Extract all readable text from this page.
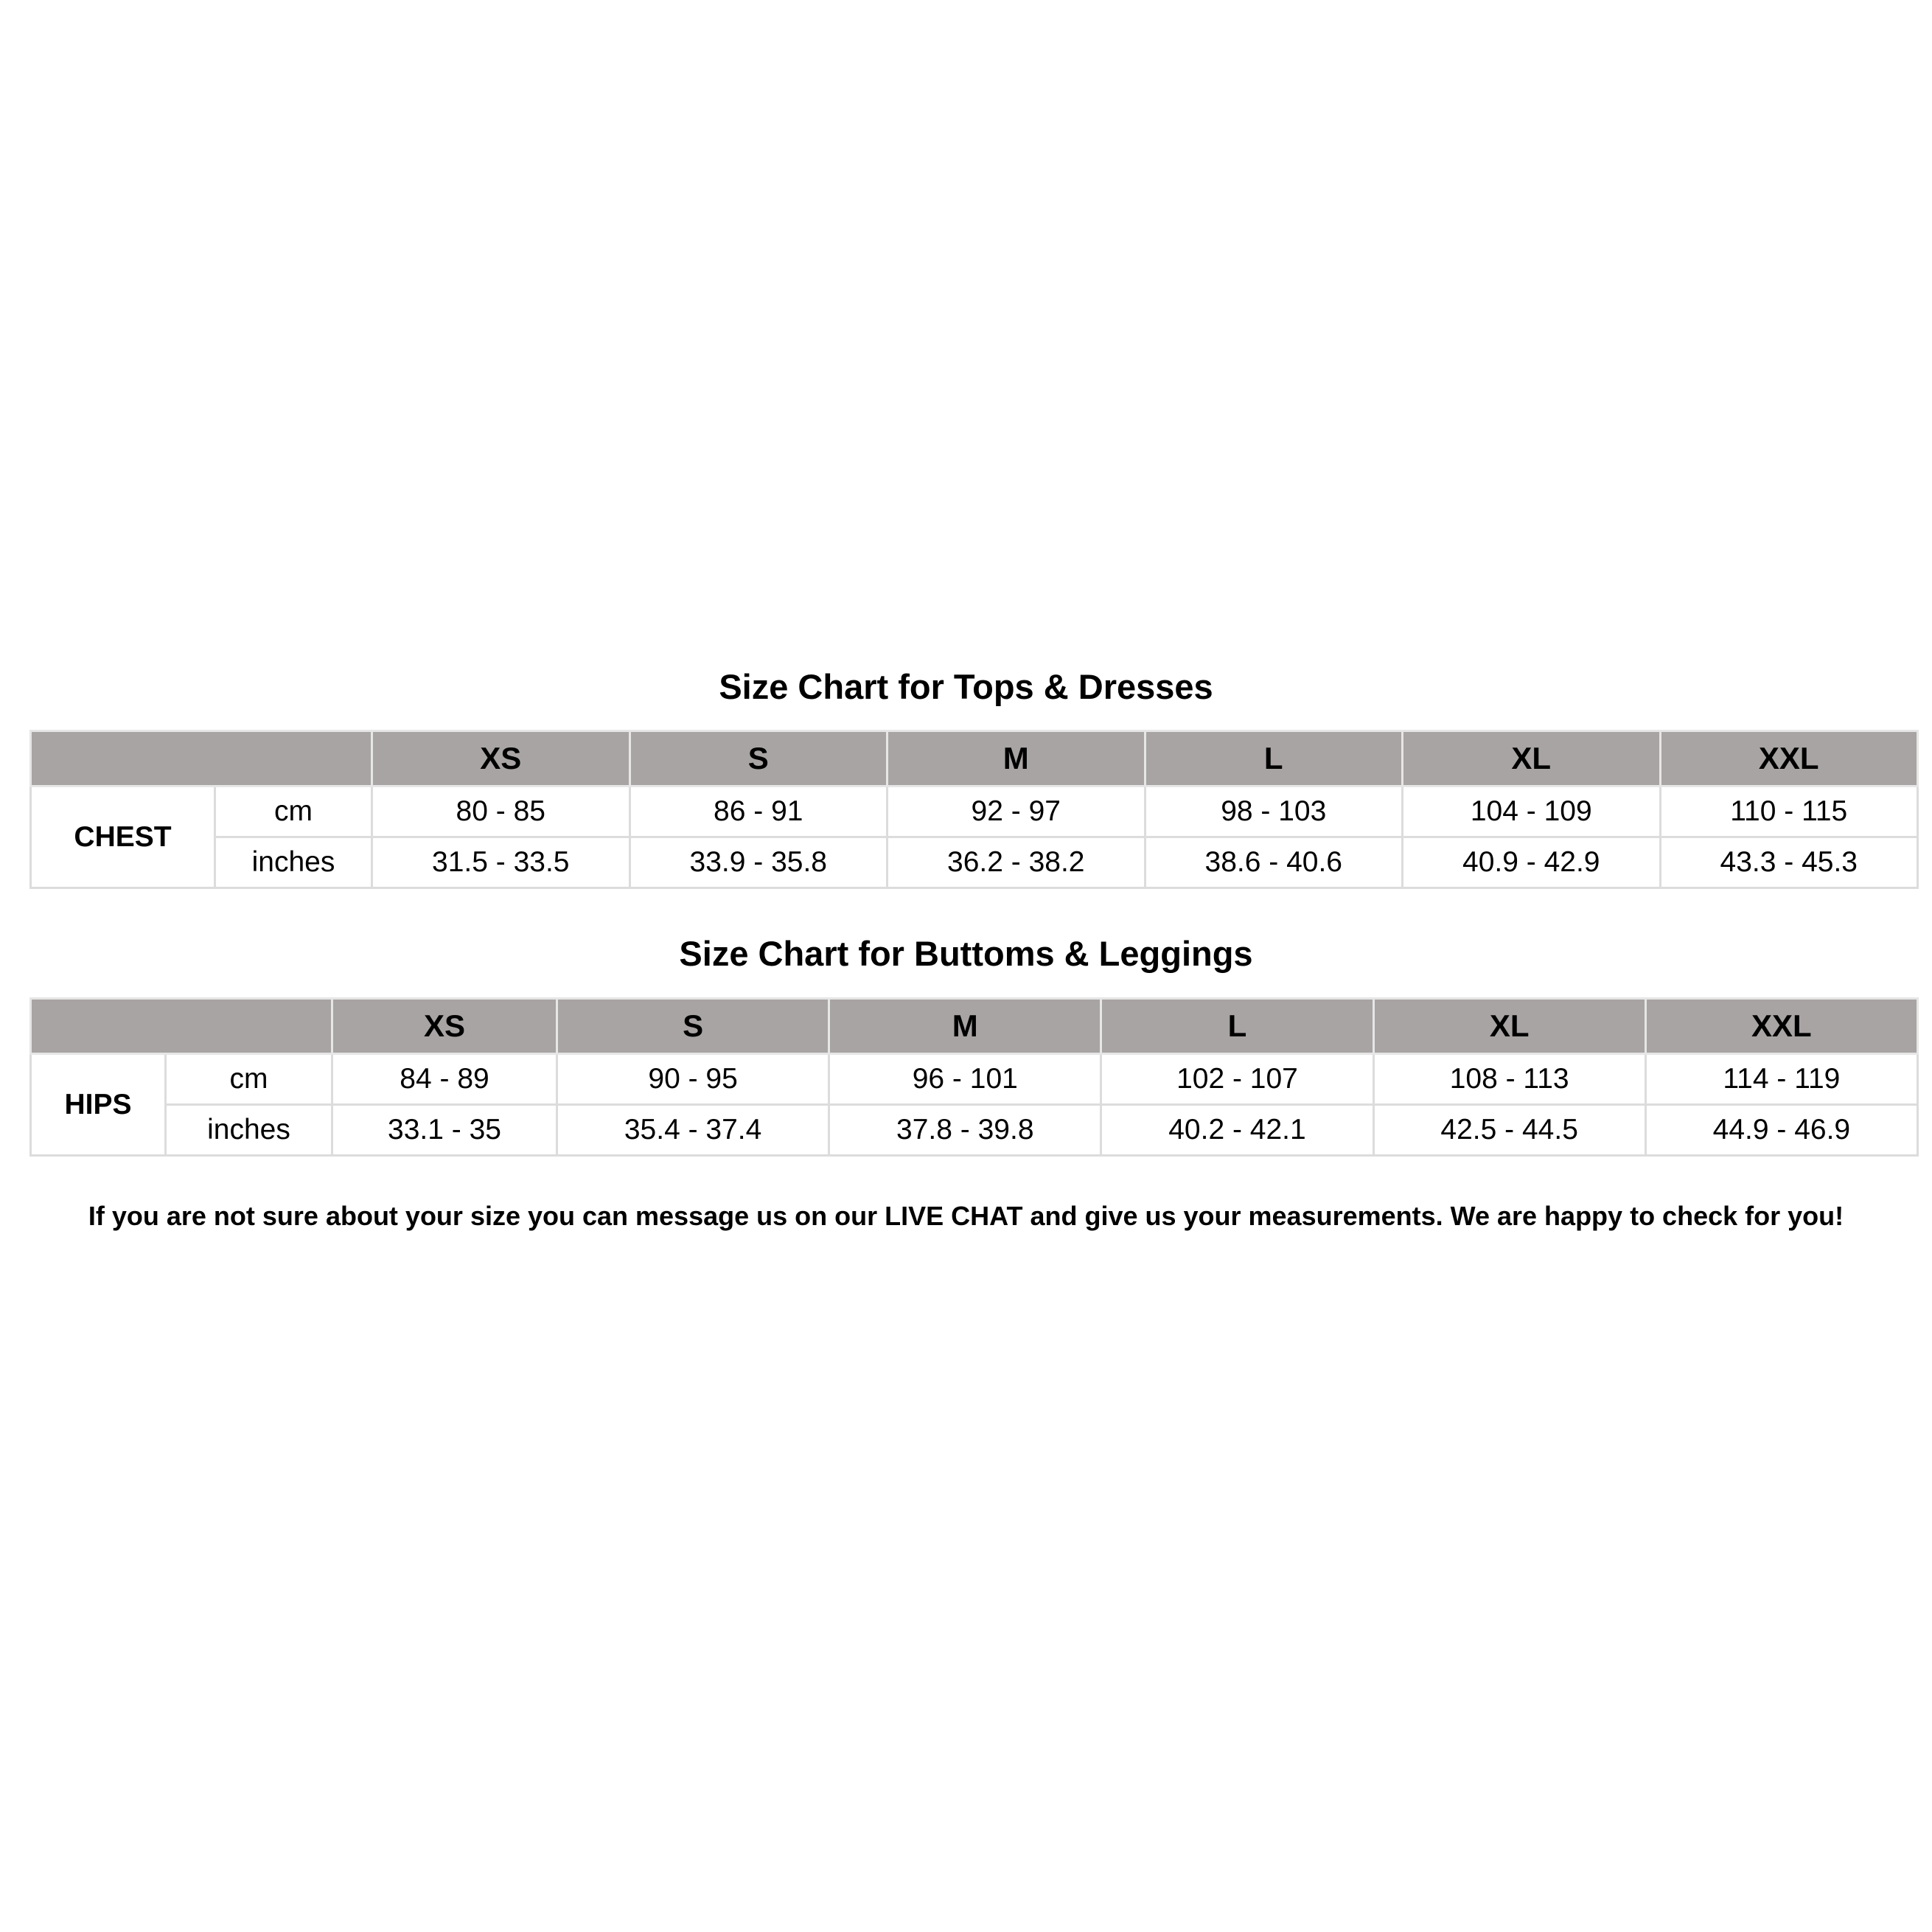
Size Chart for Tops & Dresses
		XS	S	M	L	XL	XXL
CHEST	cm	80 - 85	86 - 91	92 - 97	98 - 103	104 - 109	110 - 115
	inches	31.5 - 33.5	33.9 - 35.8	36.2 - 38.2	38.6 - 40.6	40.9 - 42.9	43.3 - 45.3
Size Chart for Buttoms & Leggings
		XS	S	M	L	XL	XXL
HIPS	cm	84 - 89	90 - 95	96 - 101	102 - 107	108 - 113	114 - 119
	inches	33.1 - 35	35.4 - 37.4	37.8 - 39.8	40.2 - 42.1	42.5 - 44.5	44.9 - 46.9

If you are not sure about your size you can message us on our LIVE CHAT and give us your measurements. We are happy to check for you!
